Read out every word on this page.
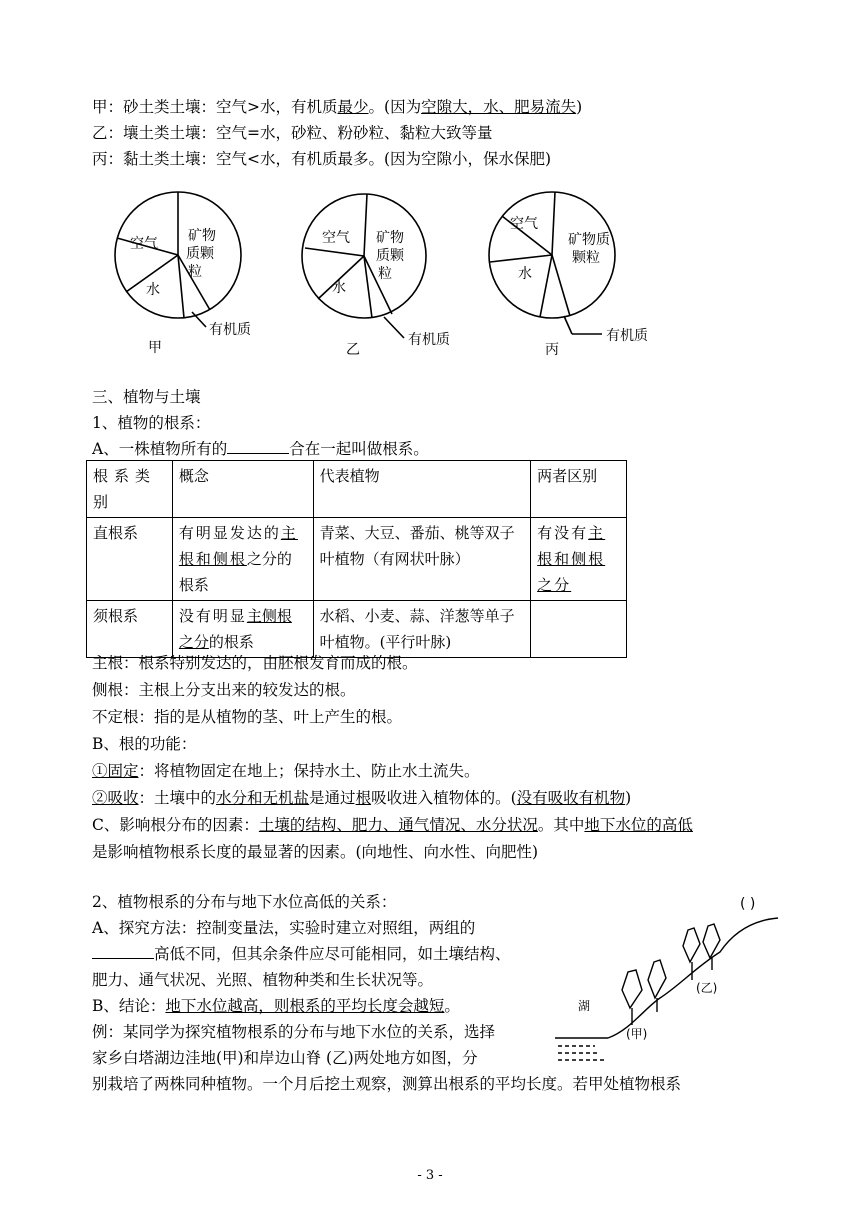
甲：砂土类土壤：空气>水，有机质最少。(因为空隙大，水、肥易流失)
乙：壤土类土壤：空气=水，砂粒、粉砂粒、黏粒大致等量
丙：黏土类土壤：空气<水，有机质最多。(因为空隙小，保水保肥)
空气
水
矿物
质颗
粒
有机质
甲
空气
水
矿物
质颗
粒
有机质
乙
空气
水
矿物质
颗粒
有机质
丙
三、植物与土壤
1、植物的根系：
A、一株植物所有的	合在一起叫做根系。
根系类别	概念	代表植物	两者区别
直根系	有明显发达的主根和侧根之分的根系	青菜、大豆、番茄、桃等双子叶植物（有网状叶脉）	有没有主根和侧根之分
须根系	没有明显主侧根之分的根系	水稻、小麦、蒜、洋葱等单子叶植物。(平行叶脉)	
主根：根系特别发达的，由胚根发育而成的根。
侧根：主根上分支出来的较发达的根。
不定根：指的是从植物的茎、叶上产生的根。
B、根的功能：
①固定：将植物固定在地上；保持水土、防止水土流失。
②吸收：土壤中的水分和无机盐是通过根吸收进入植物体的。(没有吸收有机物)
C、影响根分布的因素：土壤的结构、肥力、通气情况、水分状况。其中地下水位的高低
是影响植物根系长度的最显著的因素。(向地性、向水性、向肥性)
2、植物根系的分布与地下水位高低的关系：
A、探究方法：控制变量法，实验时建立对照组，两组的
高低不同，但其余条件应尽可能相同，如土壤结构、
肥力、通气状况、光照、植物种类和生长状况等。
B、结论：地下水位越高，则根系的平均长度会越短。
例：某同学为探究植物根系的分布与地下水位的关系，选择
家乡白塔湖边洼地(甲)和岸边山脊 (乙)两处地方如图，分
别栽培了两株同种植物。一个月后挖土观察，测算出根系的平均长度。若甲处植物根系
( )
湖
(甲)
(乙)
- 3 -
